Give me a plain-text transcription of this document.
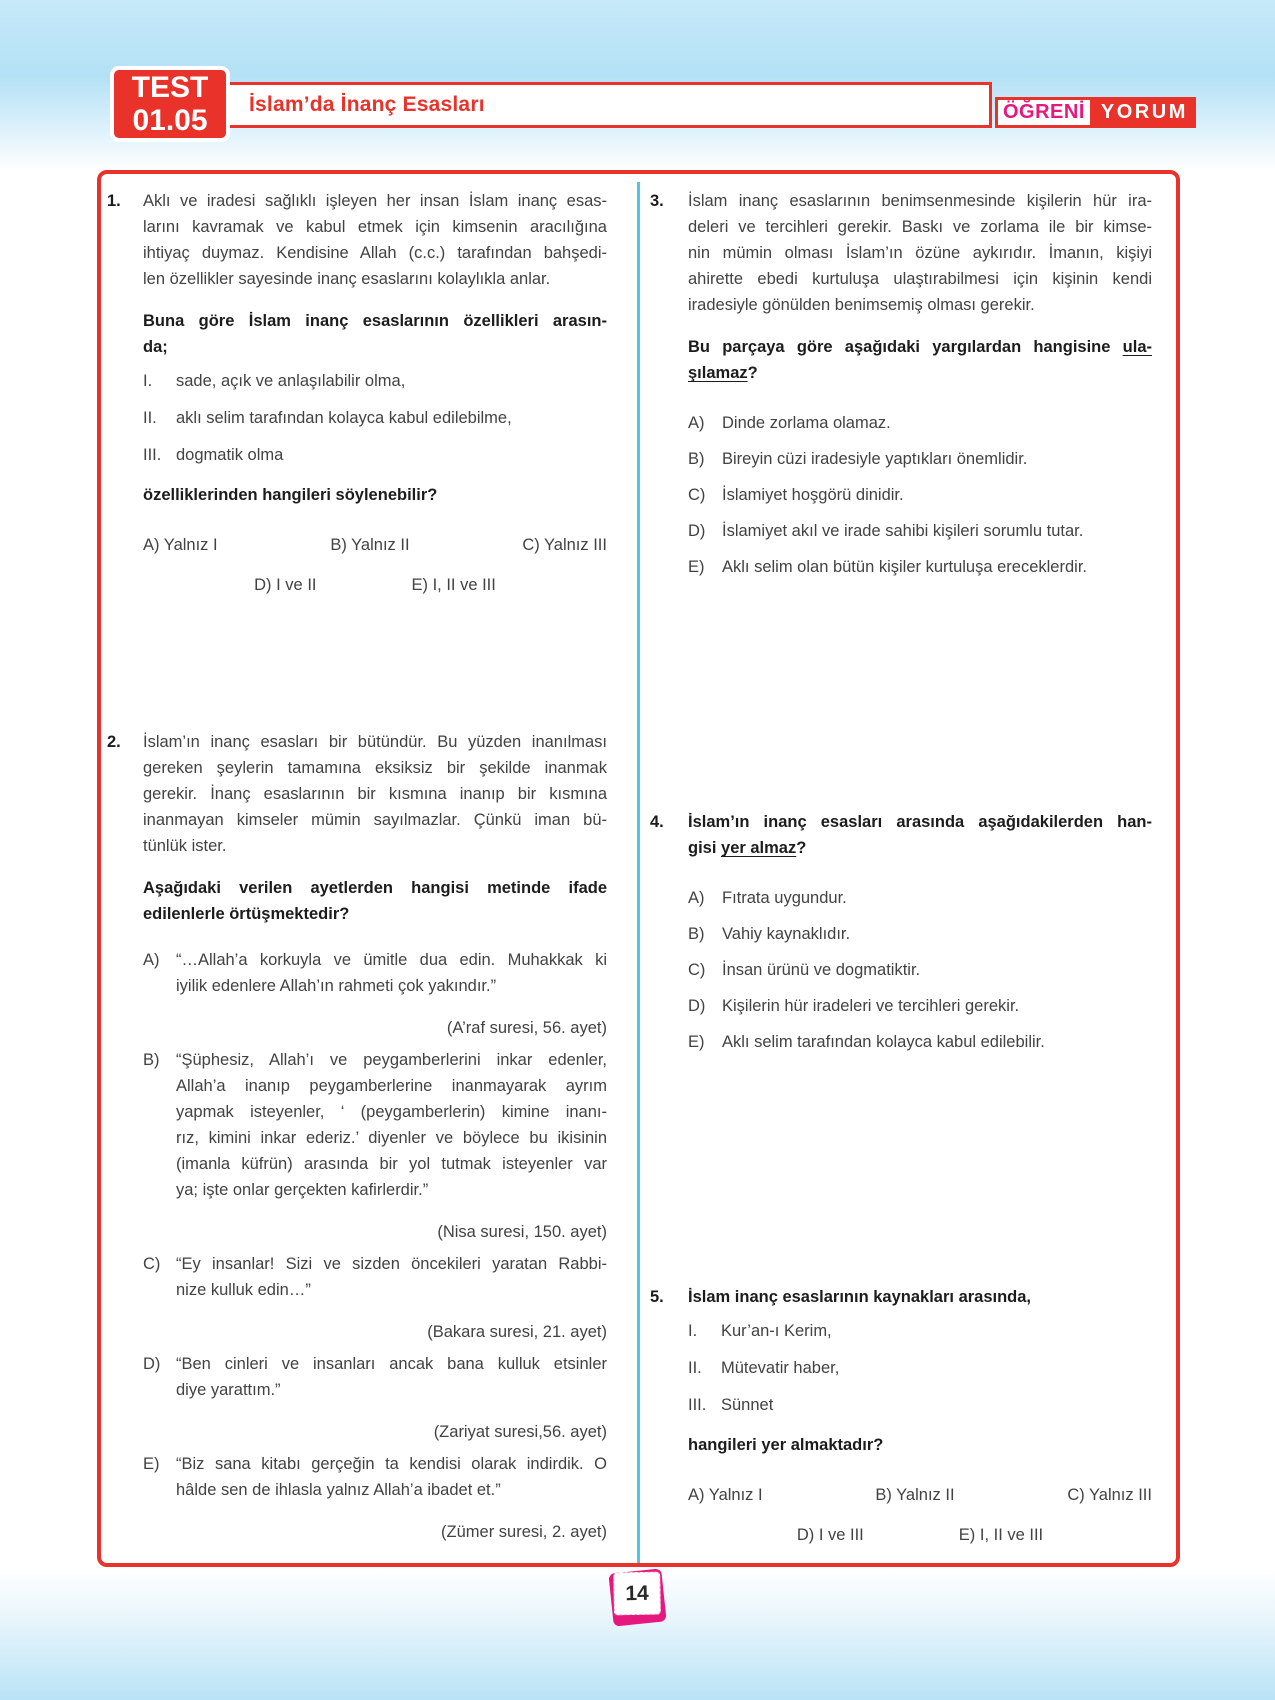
TEST
01.05 İslam’da İnanç Esasları	ÖĞRENİ YORUM
1. Aklı ve iradesi sağlıklı işleyen her insan İslam inanç esas-
larını kavramak ve kabul etmek için kimsenin aracılığına
ihtiyaç duymaz. Kendisine Allah (c.c.) tarafından bahşedi-
len özellikler sayesinde inanç esaslarını kolaylıkla anlar.
Buna göre İslam inanç esaslarının özellikleri arasın-
da;
I. sade, açık ve anlaşılabilir olma,
II. aklı selim tarafından kolayca kabul edilebilme,
III. dogmatik olma
özelliklerinden hangileri söylenebilir?
A) Yalnız I	B) Yalnız II	C) Yalnız III
D) I ve II	E) I, II ve III
2. İslam’ın inanç esasları bir bütündür. Bu yüzden inanılması
gereken şeylerin tamamına eksiksiz bir şekilde inanmak
gerekir. İnanç esaslarının bir kısmına inanıp bir kısmına
inanmayan kimseler mümin sayılmazlar. Çünkü iman bü-
tünlük ister.
Aşağıdaki verilen ayetlerden hangisi metinde ifade
edilenlerle örtüşmektedir?
A) “…Allah’a korkuyla ve ümitle dua edin. Muhakkak ki
iyilik edenlere Allah’ın rahmeti çok yakındır.”
(A’raf suresi, 56. ayet)
B) “Şüphesiz, Allah’ı ve peygamberlerini inkar edenler,
Allah’a inanıp peygamberlerine inanmayarak ayrım
yapmak isteyenler, ‘ (peygamberlerin) kimine inanı-
rız, kimini inkar ederiz.’ diyenler ve böylece bu ikisinin
(imanla küfrün) arasında bir yol tutmak isteyenler var
ya; işte onlar gerçekten kafirlerdir.”
(Nisa suresi, 150. ayet)
C) “Ey insanlar! Sizi ve sizden öncekileri yaratan Rabbi-
nize kulluk edin…”
(Bakara suresi, 21. ayet)
D) “Ben cinleri ve insanları ancak bana kulluk etsinler
diye yarattım.”
(Zariyat suresi,56. ayet)
E) “Biz sana kitabı gerçeğin ta kendisi olarak indirdik. O
hâlde sen de ihlasla yalnız Allah’a ibadet et.”
(Zümer suresi, 2. ayet)
3. İslam inanç esaslarının benimsenmesinde kişilerin hür ira-
deleri ve tercihleri gerekir. Baskı ve zorlama ile bir kimse-
nin mümin olması İslam’ın özüne aykırıdır. İmanın, kişiyi
ahirette ebedi kurtuluşa ulaştırabilmesi için kişinin kendi
iradesiyle gönülden benimsemiş olması gerekir.
Bu parçaya göre aşağıdaki yargılardan hangisine ula-
şılamaz?
A) Dinde zorlama olamaz.
B) Bireyin cüzi iradesiyle yaptıkları önemlidir.
C) İslamiyet hoşgörü dinidir.
D) İslamiyet akıl ve irade sahibi kişileri sorumlu tutar.
E) Aklı selim olan bütün kişiler kurtuluşa ereceklerdir.
4. İslam’ın inanç esasları arasında aşağıdakilerden han-
gisi yer almaz?
A) Fıtrata uygundur.
B) Vahiy kaynaklıdır.
C) İnsan ürünü ve dogmatiktir.
D) Kişilerin hür iradeleri ve tercihleri gerekir.
E) Aklı selim tarafından kolayca kabul edilebilir.
5. İslam inanç esaslarının kaynakları arasında,
I. Kur’an-ı Kerim,
II. Mütevatir haber,
III. Sünnet
hangileri yer almaktadır?
A) Yalnız I	B) Yalnız II	C) Yalnız III
D) I ve III	E) I, II ve III
14
